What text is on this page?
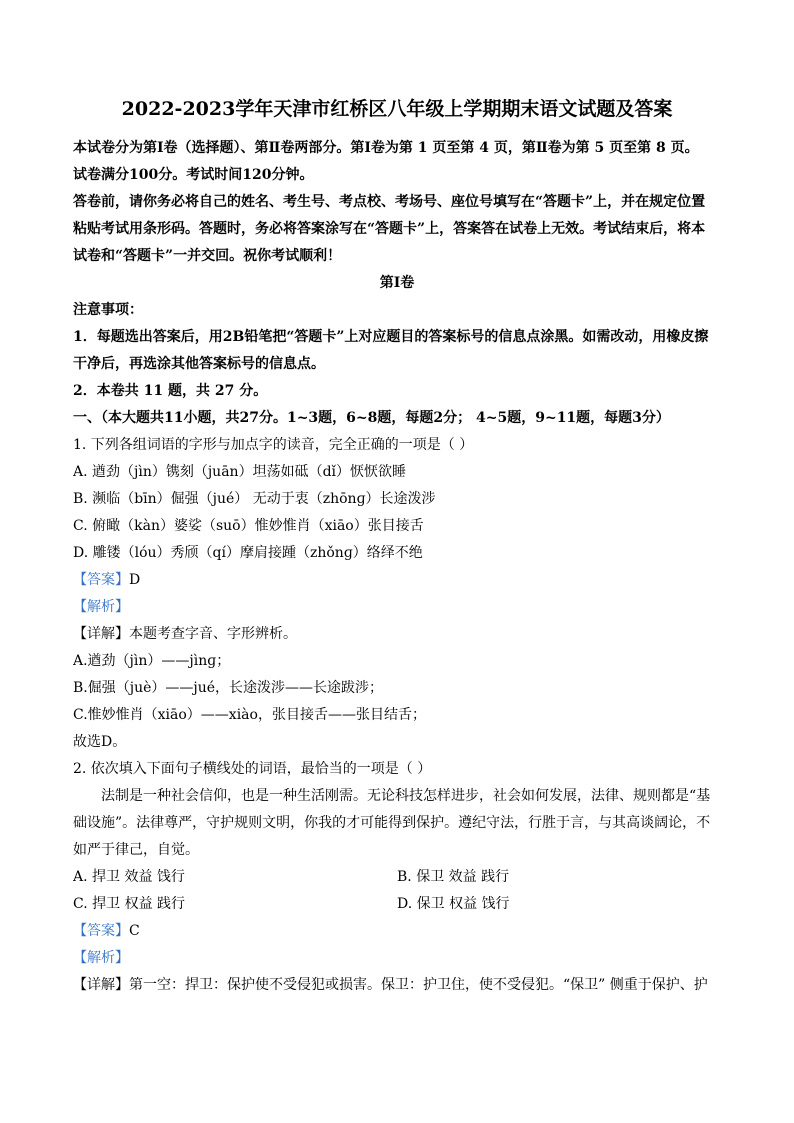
2022-2023学年天津市红桥区八年级上学期期末语文试题及答案
本试卷分为第Ⅰ卷（选择题）、第Ⅱ卷两部分。第Ⅰ卷为第 1 页至第 4 页，第Ⅱ卷为第 5 页至第 8 页。
试卷满分100分。考试时间120分钟。
答卷前，请你务必将自己的姓名、考生号、考点校、考场号、座位号填写在“答题卡”上，并在规定位置
粘贴考试用条形码。答题时，务必将答案涂写在“答题卡”上，答案答在试卷上无效。考试结束后，将本
试卷和“答题卡”一并交回。祝你考试顺利！
第Ⅰ卷
注意事项：
1．每题选出答案后，用2B铅笔把“答题卡”上对应题目的答案标号的信息点涂黑。如需改动，用橡皮擦
干净后，再选涂其他答案标号的信息点。
2．本卷共 11 题，共 27 分。
一、（本大题共11小题，共27分。1~3题，6~8题，每题2分； 4~5题，9~11题，每题3分）
1. 下列各组词语的字形与加点字的读音，完全正确的一项是（ ）
A. 遒劲（jìn）镌刻（juān）坦荡如砥（dǐ）恹恹欲睡
B. 濒临（bīn）倔强（jué） 无动于衷（zhōnɡ）长途泼涉
C. 俯瞰（kàn）婆娑（suō）惟妙惟肖（xiāo）张目接舌
D. 雕镂（lóu）秀颀（qí）摩肩接踵（zhǒnɡ）络绎不绝
【答案】D
【解析】
【详解】本题考查字音、字形辨析。
A.遒劲（jìn）——jìnɡ；
B.倔强（juè）——jué，长途泼涉——长途跋涉；
C.惟妙惟肖（xiāo）——xiào，张目接舌——张目结舌；
故选D。
2. 依次填入下面句子横线处的词语，最恰当的一项是（ ）
法制是一种社会信仰，也是一种生活刚需。无论科技怎样进步，社会如何发展，法律、规则都是“基
础设施”。法律尊严，守护规则文明，你我的才可能得到保护。遵纪守法，行胜于言，与其高谈阔论，不
如严于律己，自觉。
A. 捍卫 效益 饯行	B. 保卫 效益 践行
C. 捍卫 权益 践行	D. 保卫 权益 饯行
【答案】C
【解析】
【详解】第一空：捍卫：保护使不受侵犯或损害。保卫：护卫住，使不受侵犯。“保卫” 侧重于保护、护
